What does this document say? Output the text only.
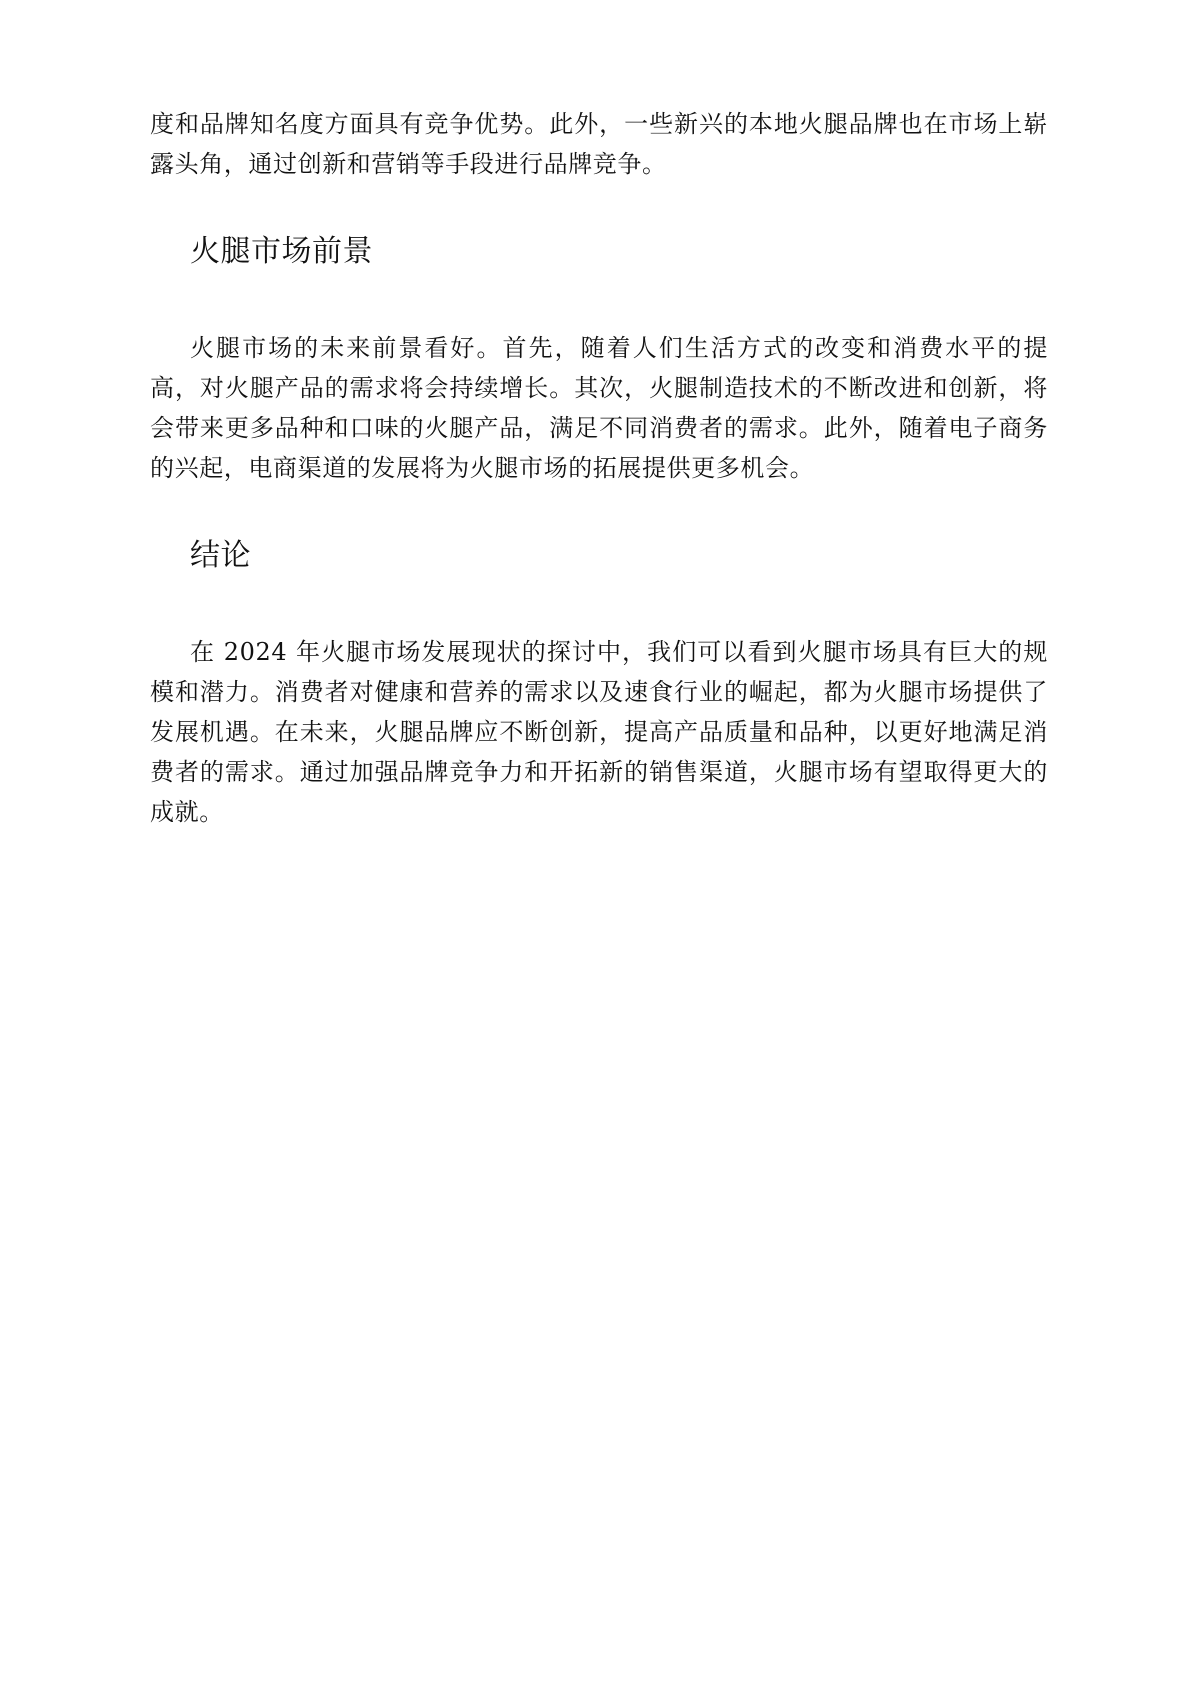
度和品牌知名度方面具有竞争优势。此外，一些新兴的本地火腿品牌也在市场上崭露头角，通过创新和营销等手段进行品牌竞争。

火腿市场前景

火腿市场的未来前景看好。首先，随着人们生活方式的改变和消费水平的提高，对火腿产品的需求将会持续增长。其次，火腿制造技术的不断改进和创新，将会带来更多品种和口味的火腿产品，满足不同消费者的需求。此外，随着电子商务的兴起，电商渠道的发展将为火腿市场的拓展提供更多机会。

结论

在 2024 年火腿市场发展现状的探讨中，我们可以看到火腿市场具有巨大的规模和潜力。消费者对健康和营养的需求以及速食行业的崛起，都为火腿市场提供了发展机遇。在未来，火腿品牌应不断创新，提高产品质量和品种，以更好地满足消费者的需求。通过加强品牌竞争力和开拓新的销售渠道，火腿市场有望取得更大的成就。
